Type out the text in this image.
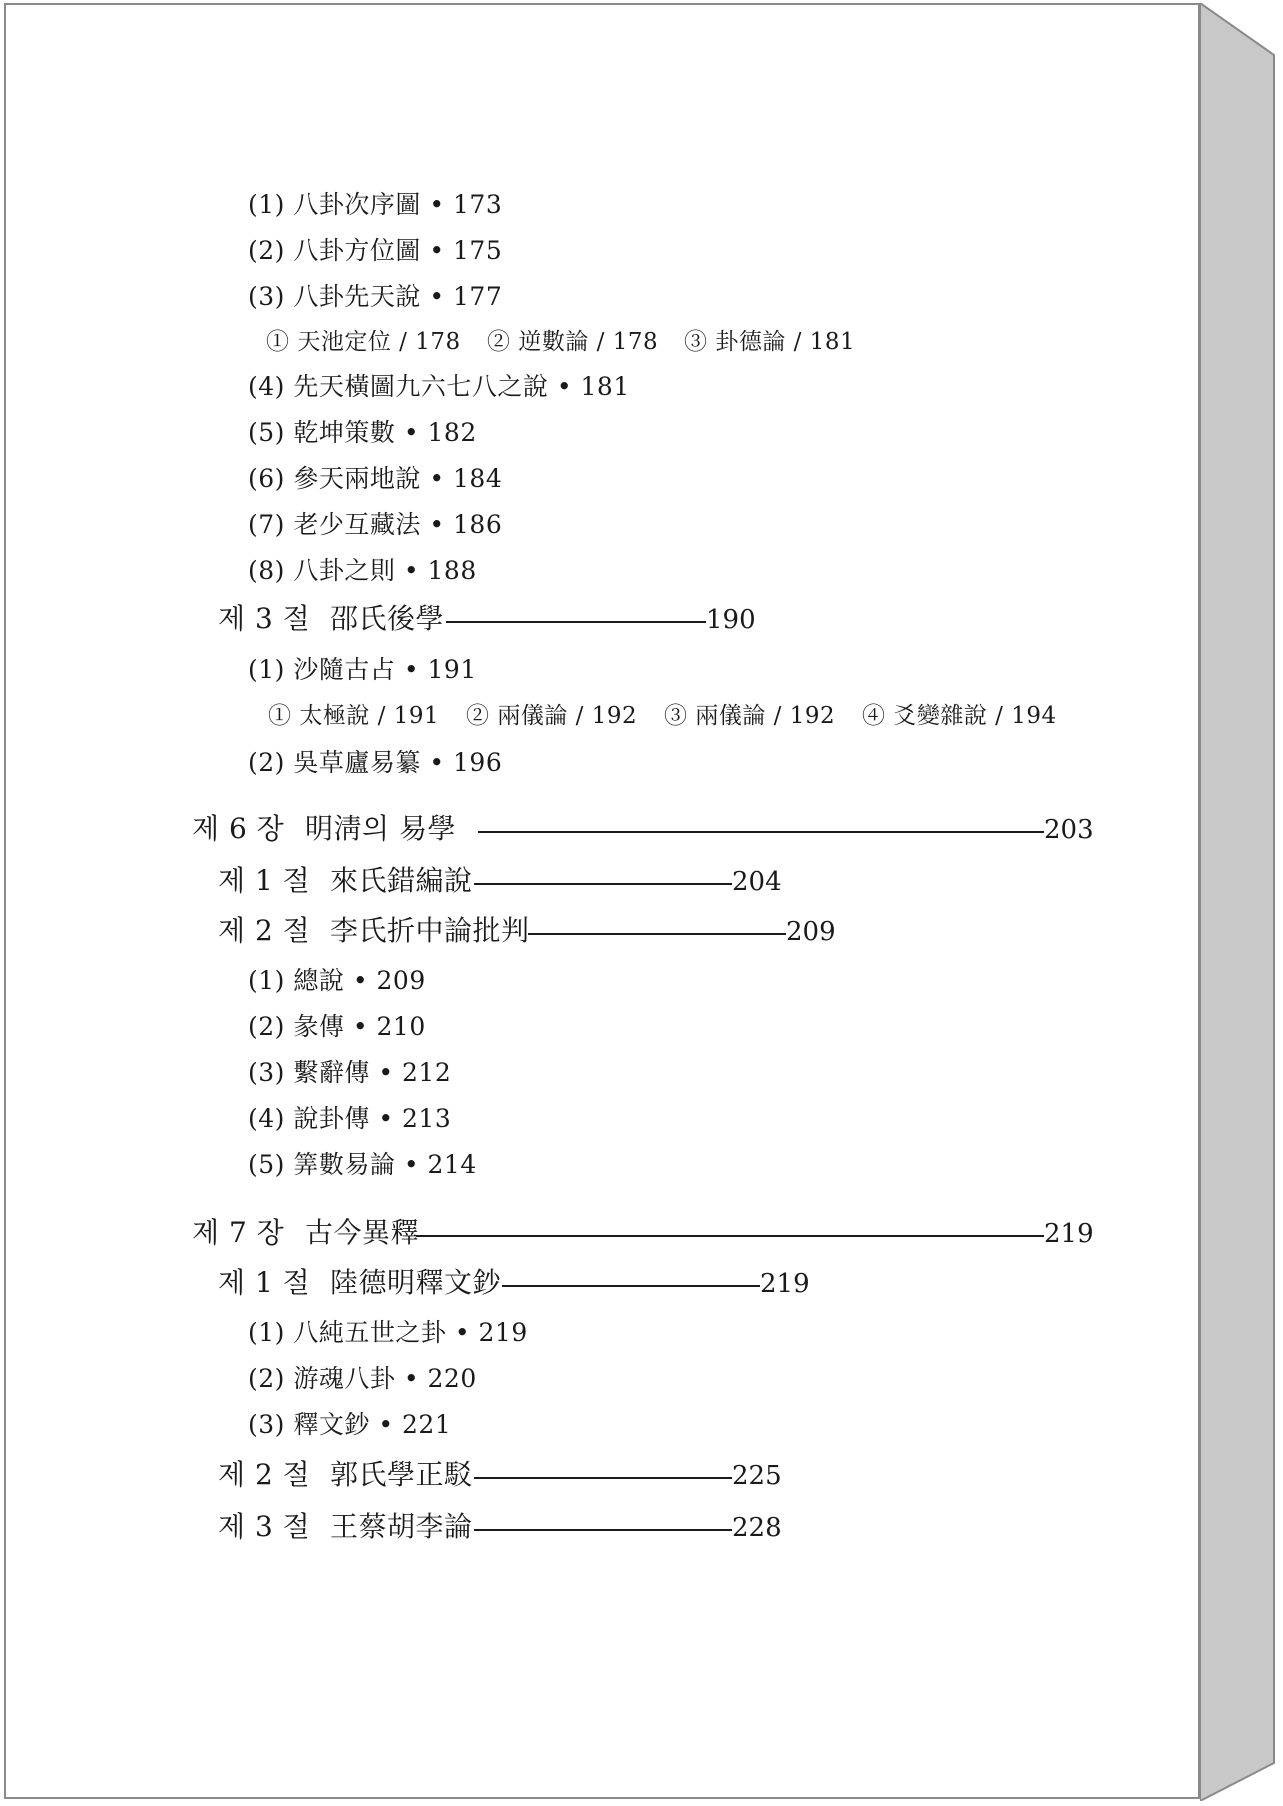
(1) 八卦次序圖 • 173
(2) 八卦方位圖 • 175
(3) 八卦先天說 • 177
① 天池定位 / 178 ② 逆數論 / 178 ③ 卦德論 / 181
(4) 先天橫圖九六七八之說 • 181
(5) 乾坤策數 • 182
(6) 參天兩地說 • 184
(7) 老少互藏法 • 186
(8) 八卦之則 • 188
제 3 절 邵氏後學	190
(1) 沙隨古占 • 191
① 太極說 / 191 ② 兩儀論 / 192 ③ 兩儀論 / 192 ④ 爻變雜說 / 194
(2) 吳草廬易纂 • 196
제 6 장 明淸의 易學	203
제 1 절 來氏錯編說	204
제 2 절 李氏折中論批判	209
(1) 總說 • 209
(2) 彖傳 • 210
(3) 繫辭傳 • 212
(4) 說卦傳 • 213
(5) 筭數易論 • 214
제 7 장 古今異釋	219
제 1 절 陸德明釋文鈔	219
(1) 八純五世之卦 • 219
(2) 游魂八卦 • 220
(3) 釋文鈔 • 221
제 2 절 郭氏學正駁	225
제 3 절 王蔡胡李論	228
